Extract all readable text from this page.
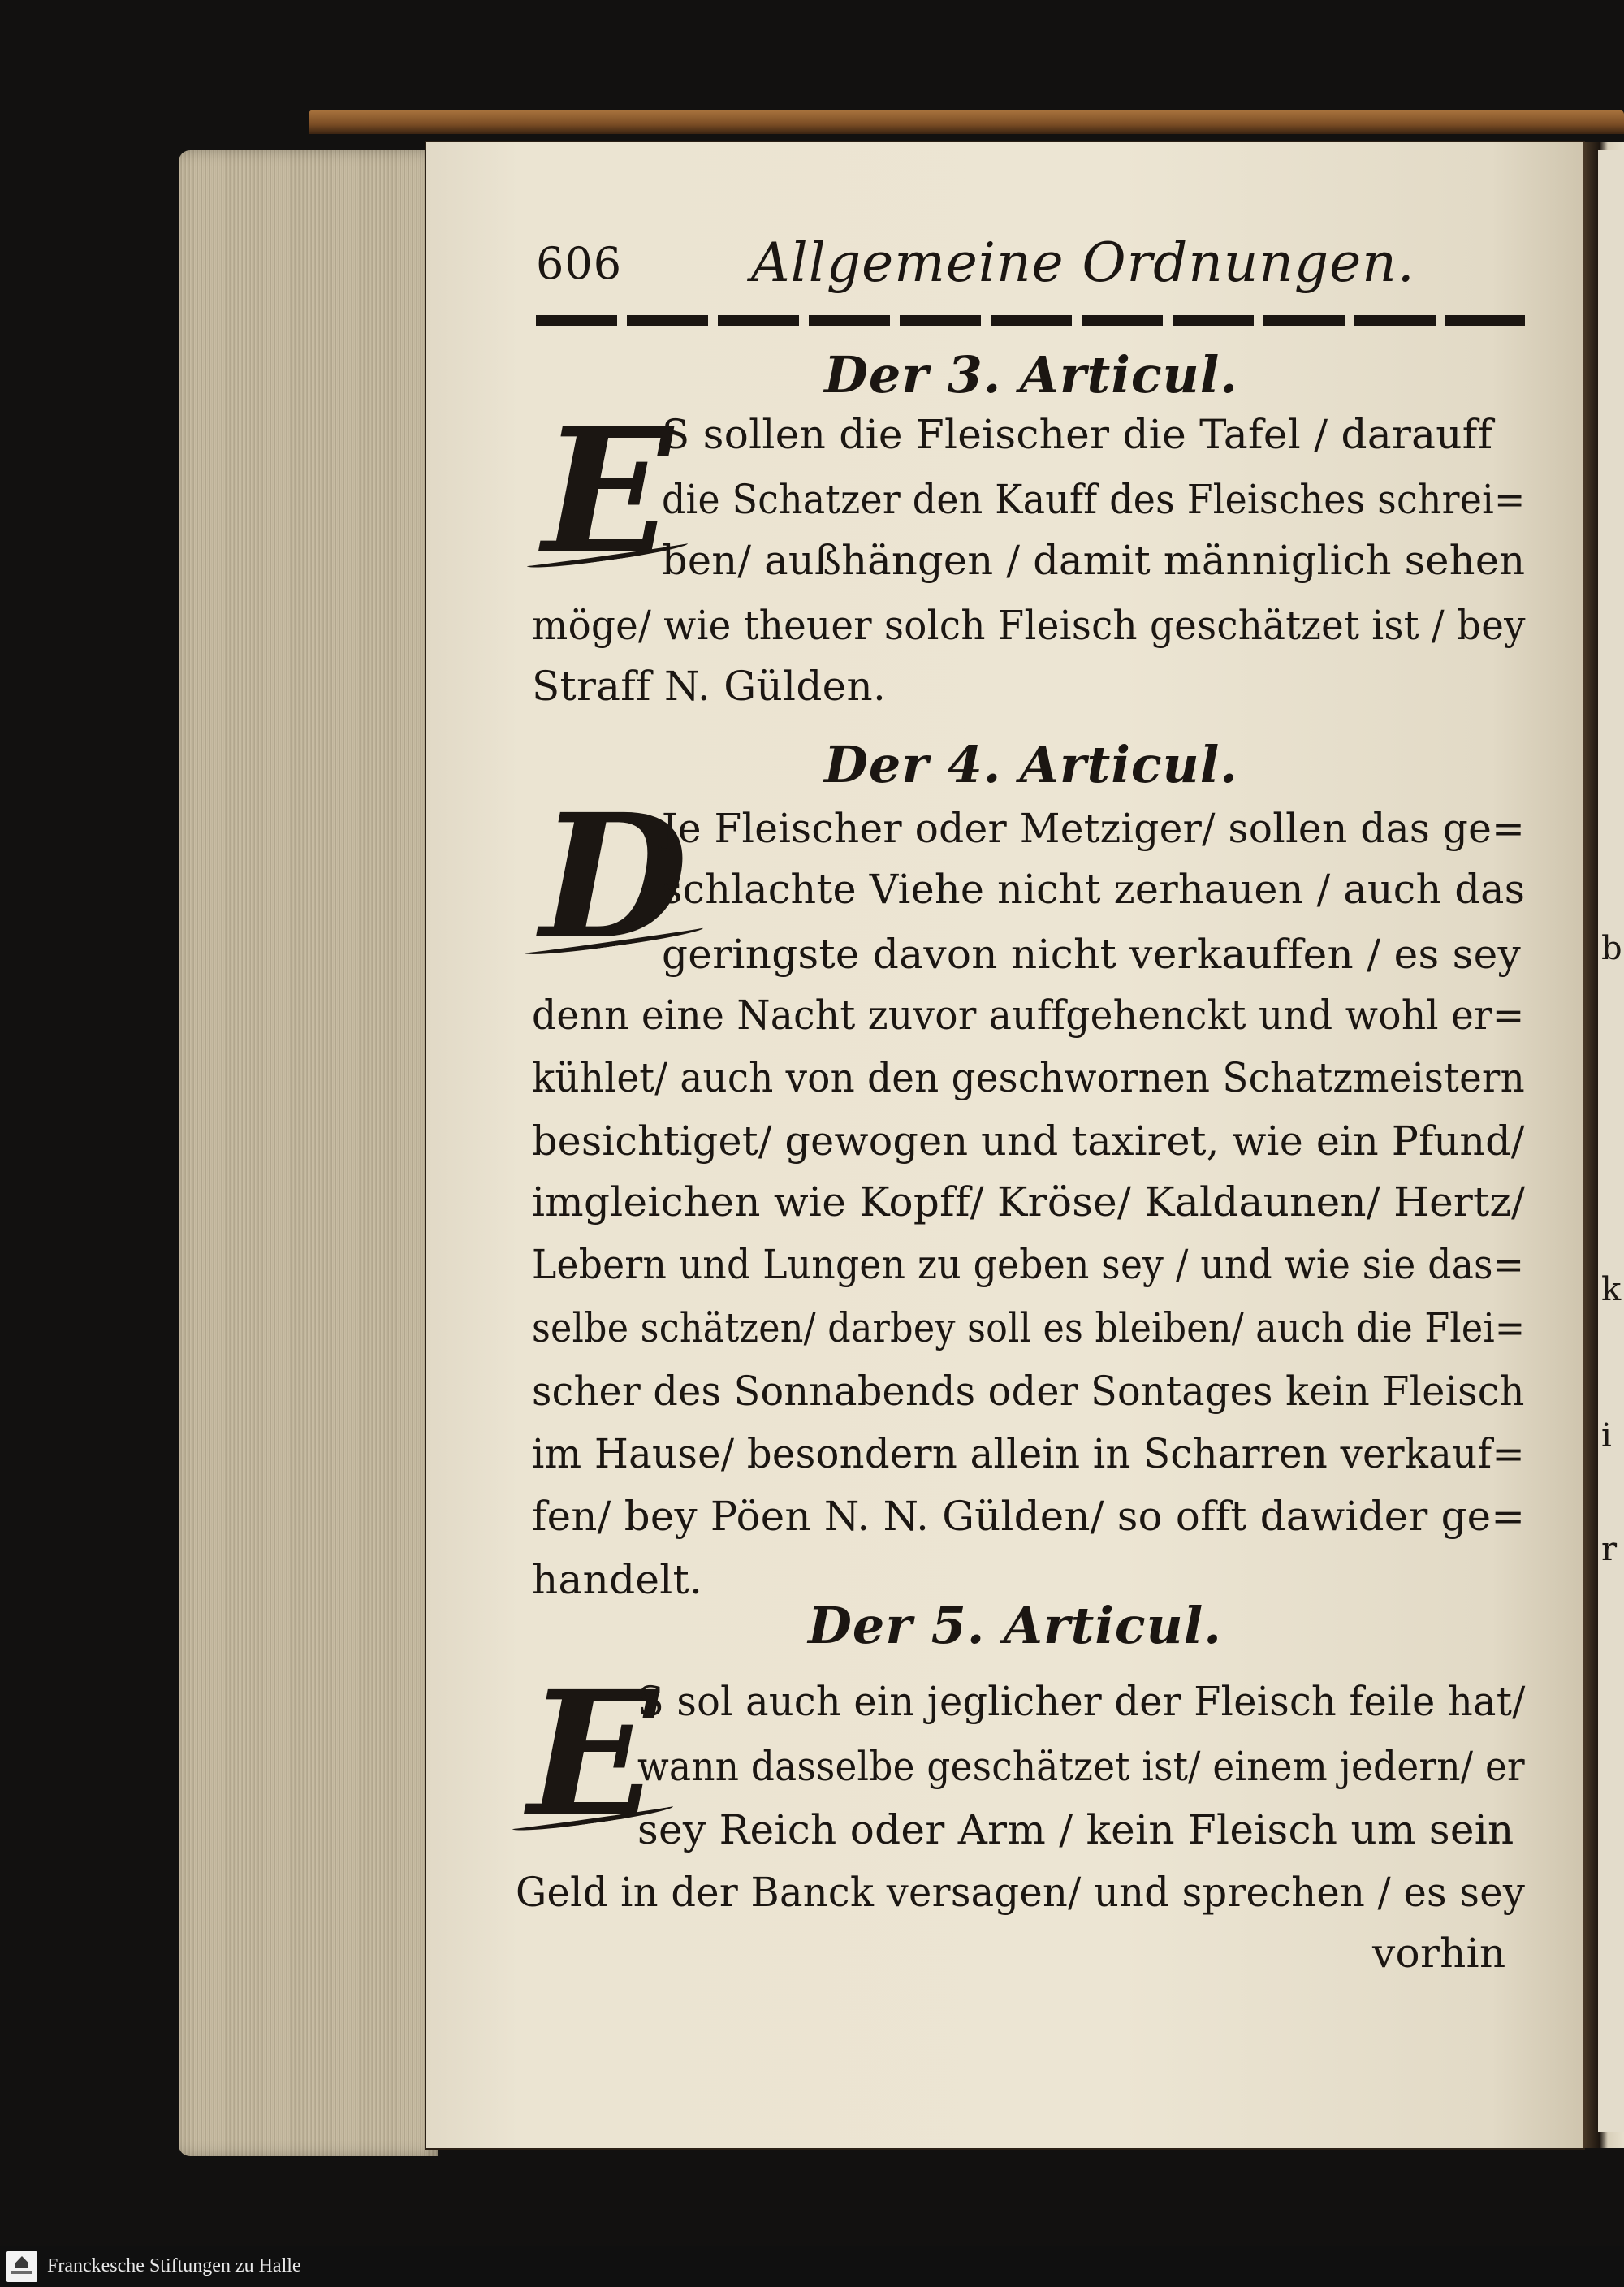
b
k
i
r
606 Allgemeine Ordnungen.
Der 3. Articul.
E
S sollen die Fleischer die Tafel / darauff
die Schatzer den Kauff des Fleisches schrei=
ben/ außhängen / damit männiglich sehen
möge/ wie theuer solch Fleisch geschätzet ist / bey
Straff N. Gülden.
Der 4. Articul.
D
Je Fleischer oder Metziger/ sollen das ge=
schlachte Viehe nicht zerhauen / auch das
geringste davon nicht verkauffen / es sey
denn eine Nacht zuvor auffgehenckt und wohl er=
kühlet/ auch von den geschwornen Schatzmeistern
besichtiget/ gewogen und taxiret, wie ein Pfund/
imgleichen wie Kopff/ Kröse/ Kaldaunen/ Hertz/
Lebern und Lungen zu geben sey / und wie sie das=
selbe schätzen/ darbey soll es bleiben/ auch die Flei=
scher des Sonnabends oder Sontages kein Fleisch
im Hause/ besondern allein in Scharren verkauf=
fen/ bey Pöen N. N. Gülden/ so offt dawider ge=
handelt.
Der 5. Articul.
E
S sol auch ein jeglicher der Fleisch feile hat/
wann dasselbe geschätzet ist/ einem jedern/ er
sey Reich oder Arm / kein Fleisch um sein
Geld in der Banck versagen/ und sprechen / es sey
vorhin
Franckesche Stiftungen zu Halle
